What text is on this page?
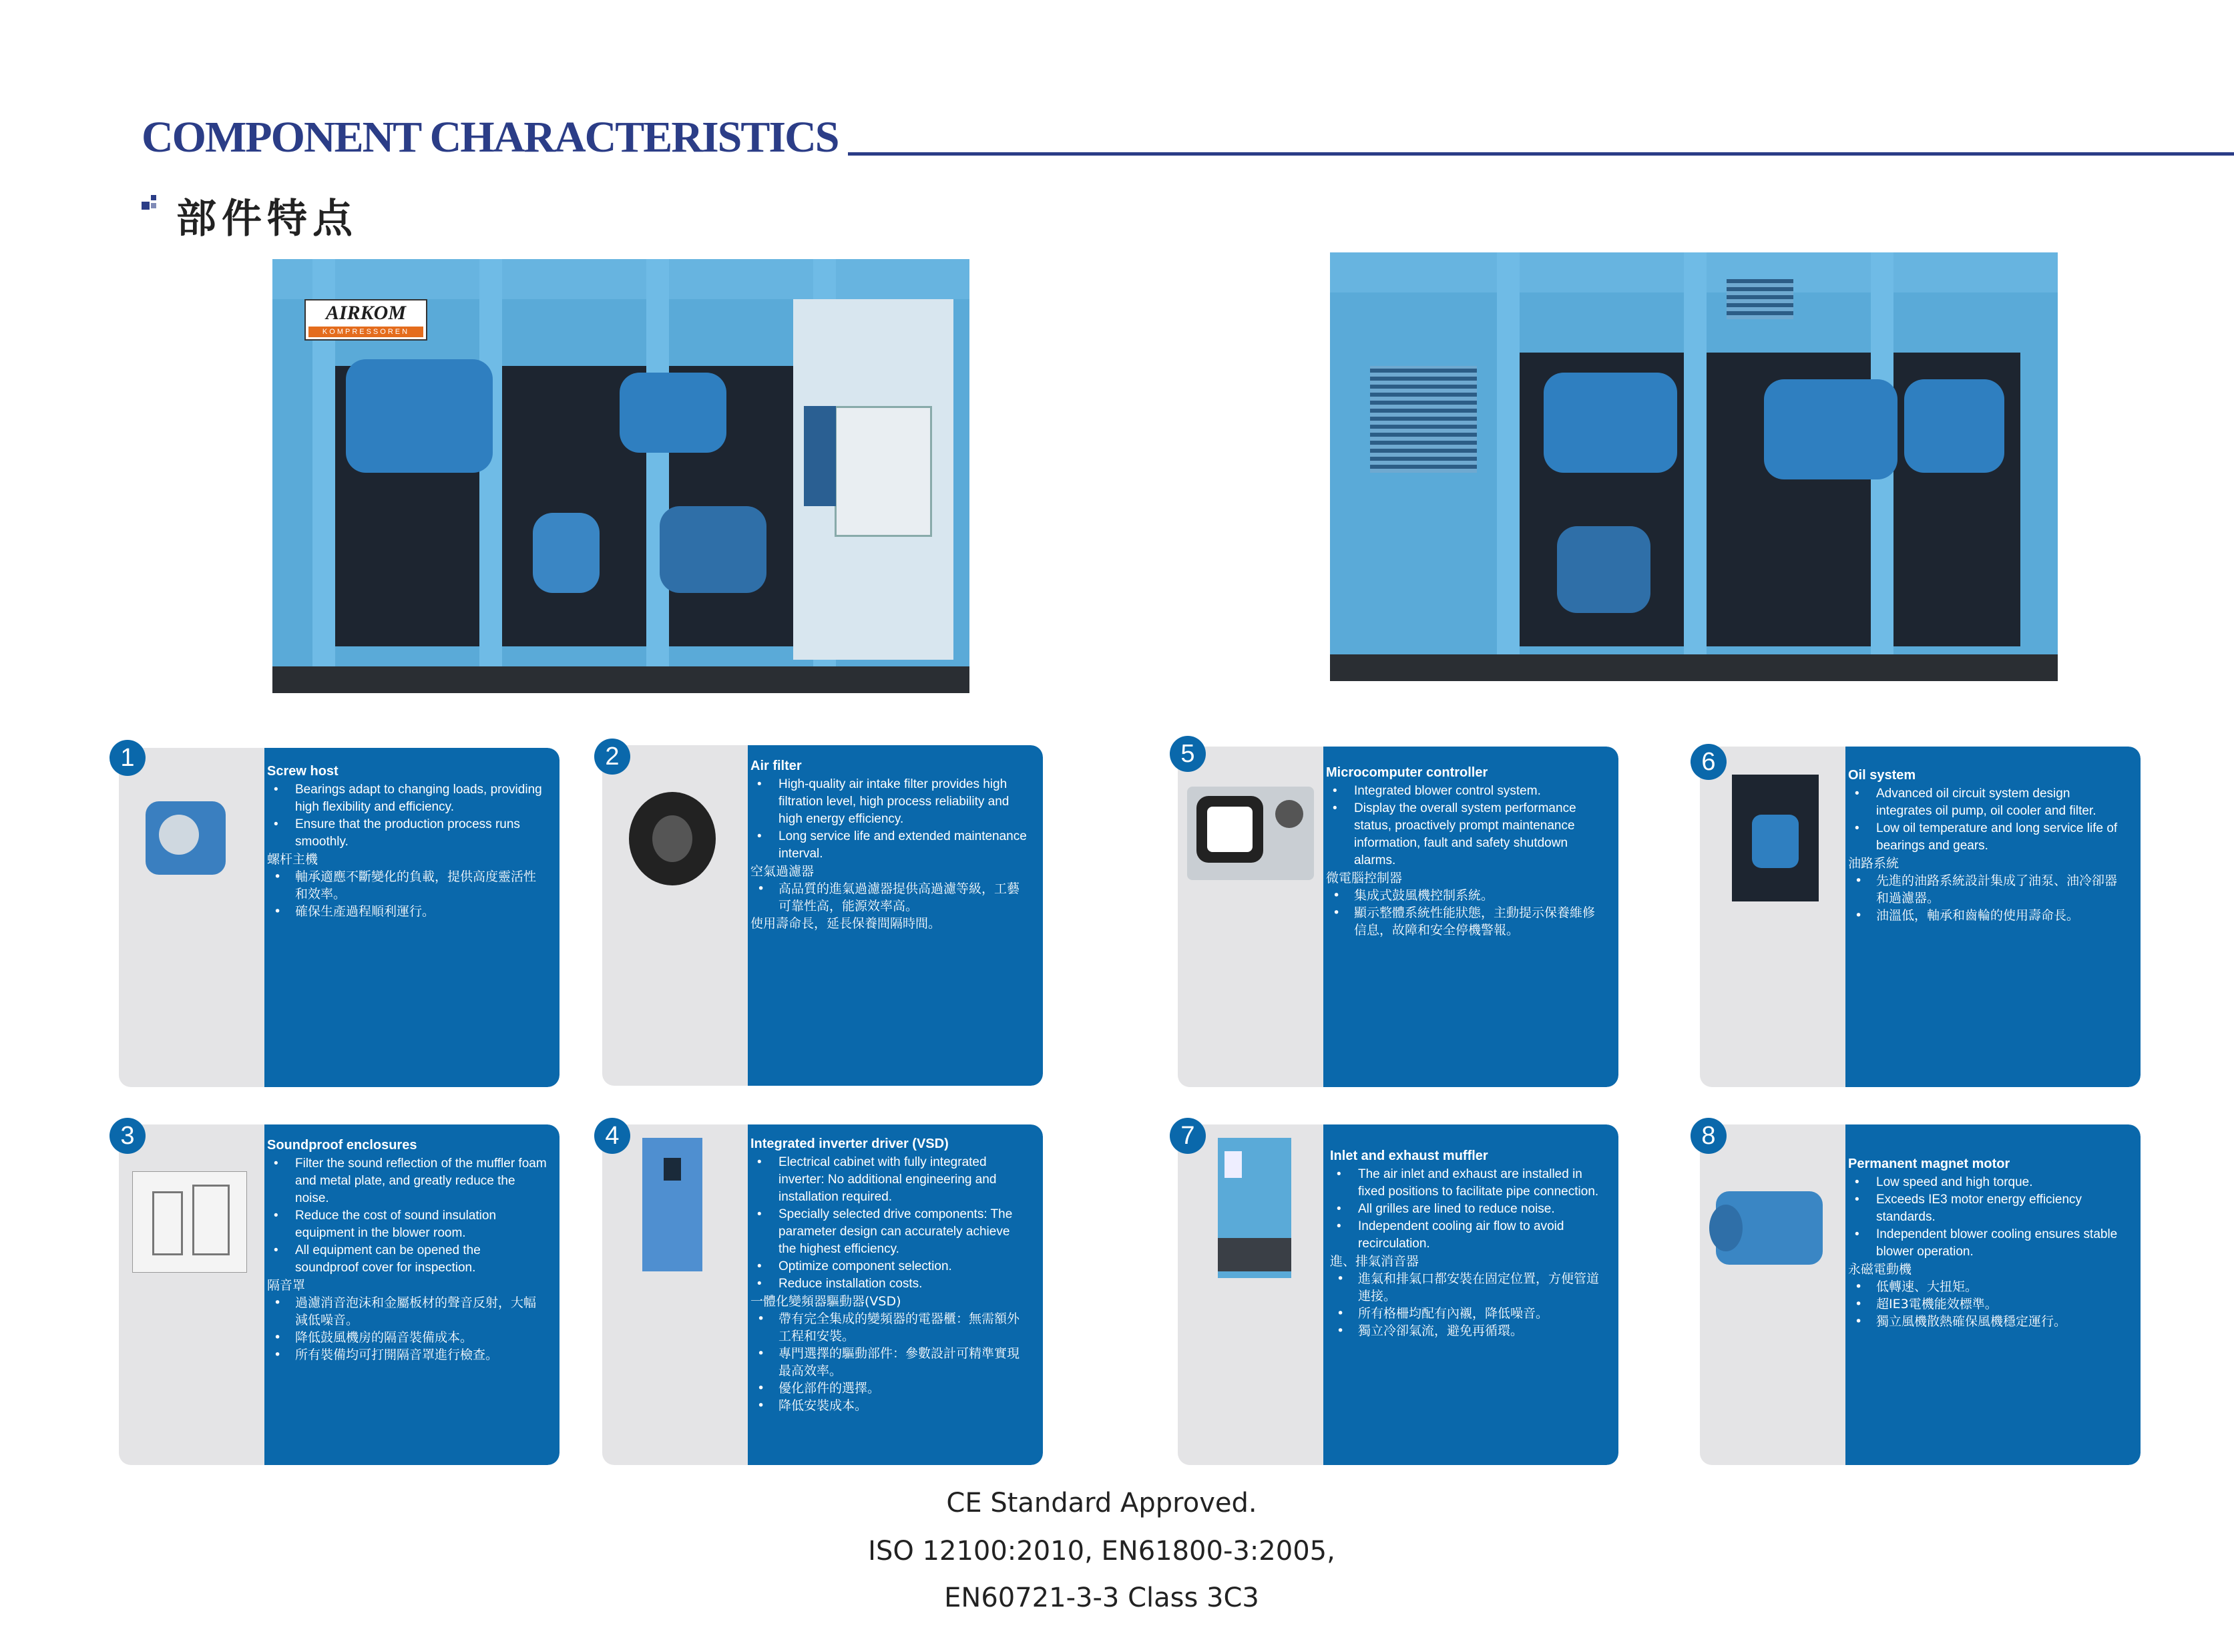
COMPONENT CHARACTERISTICS
部件特点
AIRKOM
KOMPRESSOREN
Screw host
• Bearings adapt to changing loads, providing high flexibility and efficiency.
• Ensure that the production process runs smoothly.
螺杆主機
• 軸承適應不斷變化的負載，提供高度靈活性和效率。
• 確保生產過程順利運行。
1	Air filter
• High-quality air intake filter provides high filtration level, high process reliability and high energy efficiency.
• Long service life and extended maintenance interval.
空氣過濾器
• 高品質的進氣過濾器提供高過濾等級，工藝可靠性高，能源效率高。
使用壽命長，延長保養間隔時間。
2
Soundproof enclosures
• Filter the sound reflection of the muffler foam and metal plate, and greatly reduce the noise.
• Reduce the cost of sound insulation equipment in the blower room.
• All equipment can be opened the soundproof cover for inspection.
隔音罩
• 過濾消音泡沫和金屬板材的聲音反射，大幅減低噪音。
• 降低鼓風機房的隔音裝備成本。
• 所有裝備均可打開隔音罩進行檢查。
3	Integrated inverter driver (VSD)
• Electrical cabinet with fully integrated inverter: No additional engineering and installation required.
• Specially selected drive components: The parameter design can accurately achieve the highest efficiency.
• Optimize component selection.
• Reduce installation costs.
一體化變頻器驅動器(VSD)
• 帶有完全集成的變頻器的電器櫃：無需額外工程和安裝。
• 專門選擇的驅動部件：參數設計可精準實現最高效率。
• 優化部件的選擇。
• 降低安裝成本。
4
Microcomputer controller
• Integrated blower control system.
• Display the overall system performance status, proactively prompt maintenance information, fault and safety shutdown alarms.
微電腦控制器
• 集成式鼓風機控制系統。
• 顯示整體系統性能狀態，主動提示保養維修信息，故障和安全停機警報。
5
Oil system
• Advanced oil circuit system design integrates oil pump, oil cooler and filter.
• Low oil temperature and long service life of bearings and gears.
油路系統
• 先進的油路系統設計集成了油泵、油冷卻器和過濾器。
• 油溫低，軸承和齒輪的使用壽命長。
6
Inlet and exhaust muffler
• The air inlet and exhaust are installed in fixed positions to facilitate pipe connection.
• All grilles are lined to reduce noise.
• Independent cooling air flow to avoid recirculation.
進、排氣消音器
• 進氣和排氣口都安裝在固定位置，方便管道連接。
• 所有格柵均配有內襯，降低噪音。
• 獨立冷卻氣流，避免再循環。
7
Permanent magnet motor
• Low speed and high torque.
• Exceeds IE3 motor energy efficiency standards.
• Independent blower cooling ensures stable blower operation.
永磁電動機
• 低轉速、大扭矩。
• 超IE3電機能效標準。
• 獨立風機散熱確保風機穩定運行。
8
CE Standard Approved.
ISO 12100:2010, EN61800-3:2005,
EN60721-3-3 Class 3C3
